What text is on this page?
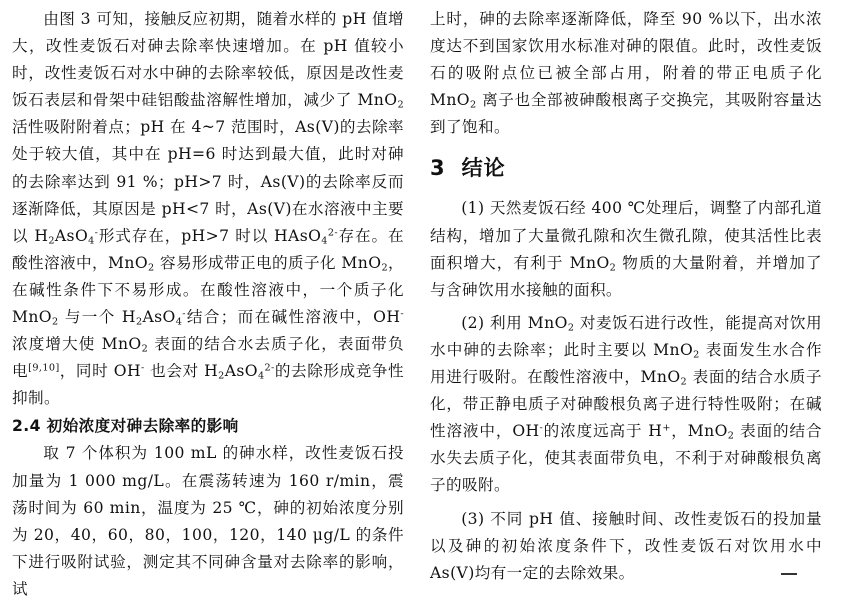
由图 3 可知，接触反应初期，随着水样的 pH 值增大，改性麦饭石对砷去除率快速增加。在 pH 值较小时，改性麦饭石对水中砷的去除率较低，原因是改性麦饭石表层和骨架中硅铝酸盐溶解性增加，减少了 MnO$_2$ 活性吸附附着点；pH 在 4~7 范围时，As(V)的去除率处于较大值，其中在 pH=6 时达到最大值，此时对砷的去除率达到 91 %；pH>7 时，As(V)的去除率反而逐渐降低，其原因是 pH<7 时，As(V)在水溶液中主要以 $H_2AsO_4^-$形式存在，pH>7 时以 HAsO$_4^{2-}$存在。在酸性溶液中，MnO$_2$ 容易形成带正电的质子化 MnO$_2$，在碱性条件下不易形成。在酸性溶液中，一个质子化 MnO$_2$ 与一个 $H_2AsO_4^-$结合；而在碱性溶液中，OH-浓度增大使 MnO$_2$ 表面的结合水去质子化，表面带负电[9,10]，同时 OH- 也会对 $H_2AsO_4^{2-}$的去除形成竞争性抑制。

2.4 初始浓度对砷去除率的影响

取 7 个体积为 100 mL 的砷水样，改性麦饭石投加量为 1 000 mg/L。在震荡转速为 160 r/min，震荡时间为 60 min，温度为 25 ℃，砷的初始浓度分别为 20，40，60，80，100，120，140 μg/L 的条件下进行吸附试验，测定其不同砷含量对去除率的影响，试

上时，砷的去除率逐渐降低，降至 90 %以下，出水浓度达不到国家饮用水标准对砷的限值。此时，改性麦饭石的吸附点位已被全部占用，附着的带正电质子化 MnO$_2$ 离子也全部被砷酸根离子交换完，其吸附容量达到了饱和。

3 结论

(1) 天然麦饭石经 400 ℃处理后，调整了内部孔道结构，增加了大量微孔隙和次生微孔隙，使其活性比表面积增大，有利于 MnO$_2$ 物质的大量附着，并增加了与含砷饮用水接触的面积。

(2) 利用 MnO$_2$ 对麦饭石进行改性，能提高对饮用水中砷的去除率；此时主要以 MnO$_2$ 表面发生水合作用进行吸附。在酸性溶液中，MnO$_2$ 表面的结合水质子化，带正静电质子对砷酸根负离子进行特性吸附；在碱性溶液中，OH-的浓度远高于 H+，MnO$_2$ 表面的结合水失去质子化，使其表面带负电，不利于对砷酸根负离子的吸附。

(3) 不同 pH 值、接触时间、改性麦饭石的投加量以及砷的初始浓度条件下，改性麦饭石对饮用水中 As(V)均有一定的去除效果。
